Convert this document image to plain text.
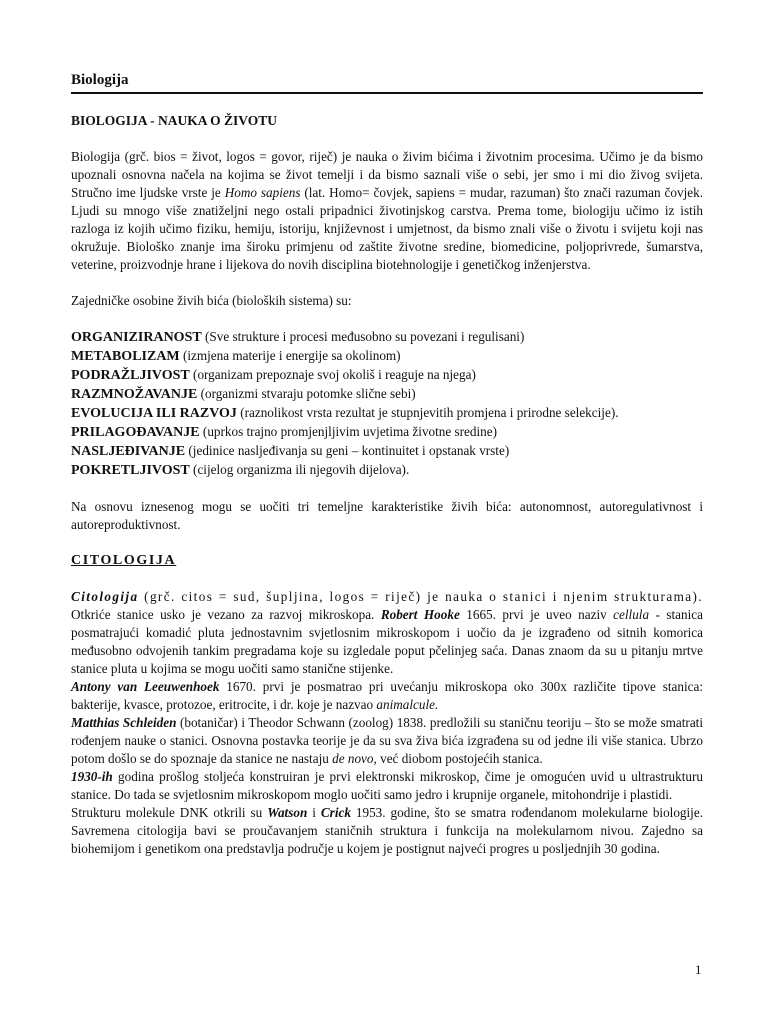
Biologija
BIOLOGIJA - NAUKA O ŽIVOTU

Biologija (grč. bios = život, logos = govor, riječ) je nauka o živim bićima i životnim procesima. Učimo je da bismo upoznali osnovna načela na kojima se život temelji i da bismo saznali više o sebi, jer smo i mi dio živog svijeta. Stručno ime ljudske vrste je Homo sapiens (lat. Homo= čovjek, sapiens = mudar, razuman) što znači razuman čovjek. Ljudi su mnogo više znatiželjni nego ostali pripadnici životinjskog carstva. Prema tome, biologiju učimo iz istih razloga iz kojih učimo fiziku, hemiju, istoriju, književnost i umjetnost, da bismo znali više o životu i svijetu koji nas okružuje. Biološko znanje ima široku primjenu od zaštite životne sredine, biomedicine, poljoprivrede, šumarstva, veterine, proizvodnje hrane i lijekova do novih disciplina biotehnologije i genetičkog inženjerstva.

Zajedničke osobine živih bića (bioloških sistema) su:

ORGANIZIRANOST (Sve strukture i procesi međusobno su povezani i regulisani)
METABOLIZAM (izmjena materije i energije sa okolinom)
PODRAŽLJIVOST (organizam prepoznaje svoj okoliš i reaguje na njega)
RAZMNOŽAVANJE (organizmi stvaraju potomke slične sebi)
EVOLUCIJA ILI RAZVOJ (raznolikost vrsta rezultat je stupnjevitih promjena i prirodne selekcije).
PRILAGOĐAVANJE (uprkos trajno promjenjljivim uvjetima životne sredine)
NASLJEĐIVANJE (jedinice nasljeđivanja su geni – kontinuitet i opstanak vrste)
POKRETLJIVOST (cijelog organizma ili njegovih dijelova).

Na osnovu iznesenog mogu se uočiti tri temeljne karakteristike živih bića: autonomnost, autoregulativnost i autoreproduktivnost.

CITOLOGIJA

Citologija (grč. citos = sud, šupljina, logos = riječ) je nauka o stanici i njenim strukturama). Otkriće stanice usko je vezano za razvoj mikroskopa. Robert Hooke 1665. prvi je uveo naziv cellula - stanica posmatrajući komadić pluta jednostavnim svjetlosnim mikroskopom i uočio da je izgrađeno od sitnih komorica međusobno odvojenih tankim pregradama koje su izgledale poput pčelinjeg saća. Danas znaom da su u pitanju mrtve stanice pluta u kojima se mogu uočiti samo stanične stijenke.

Antony van Leeuwenhoek 1670. prvi je posmatrao pri uvećanju mikroskopa oko 300x različite tipove stanica: bakterije, kvasce, protozoe, eritrocite, i dr. koje je nazvao animalcule.

Matthias Schleiden (botaničar) i Theodor Schwann (zoolog) 1838. predložili su staničnu teoriju – što se može smatrati rođenjem nauke o stanici. Osnovna postavka teorije je da su sva živa bića izgrađena su od jedne ili više stanica. Ubrzo potom došlo se do spoznaje da stanice ne nastaju de novo, već diobom postojećih stanica.

1930-ih godina prošlog stoljeća konstruiran je prvi elektronski mikroskop, čime je omogućen uvid u ultrastrukturu stanice. Do tada se svjetlosnim mikroskopom moglo uočiti samo jedro i krupnije organele, mitohondrije i plastidi.

Strukturu molekule DNK otkrili su Watson i Crick 1953. godine, što se smatra rođendanom molekularne biologije. Savremena citologija bavi se proučavanjem staničnih struktura i funkcija na molekularnom nivou. Zajedno sa biohemijom i genetikom ona predstavlja područje u kojem je postignut najveći progres u posljednjih 30 godina.

1
